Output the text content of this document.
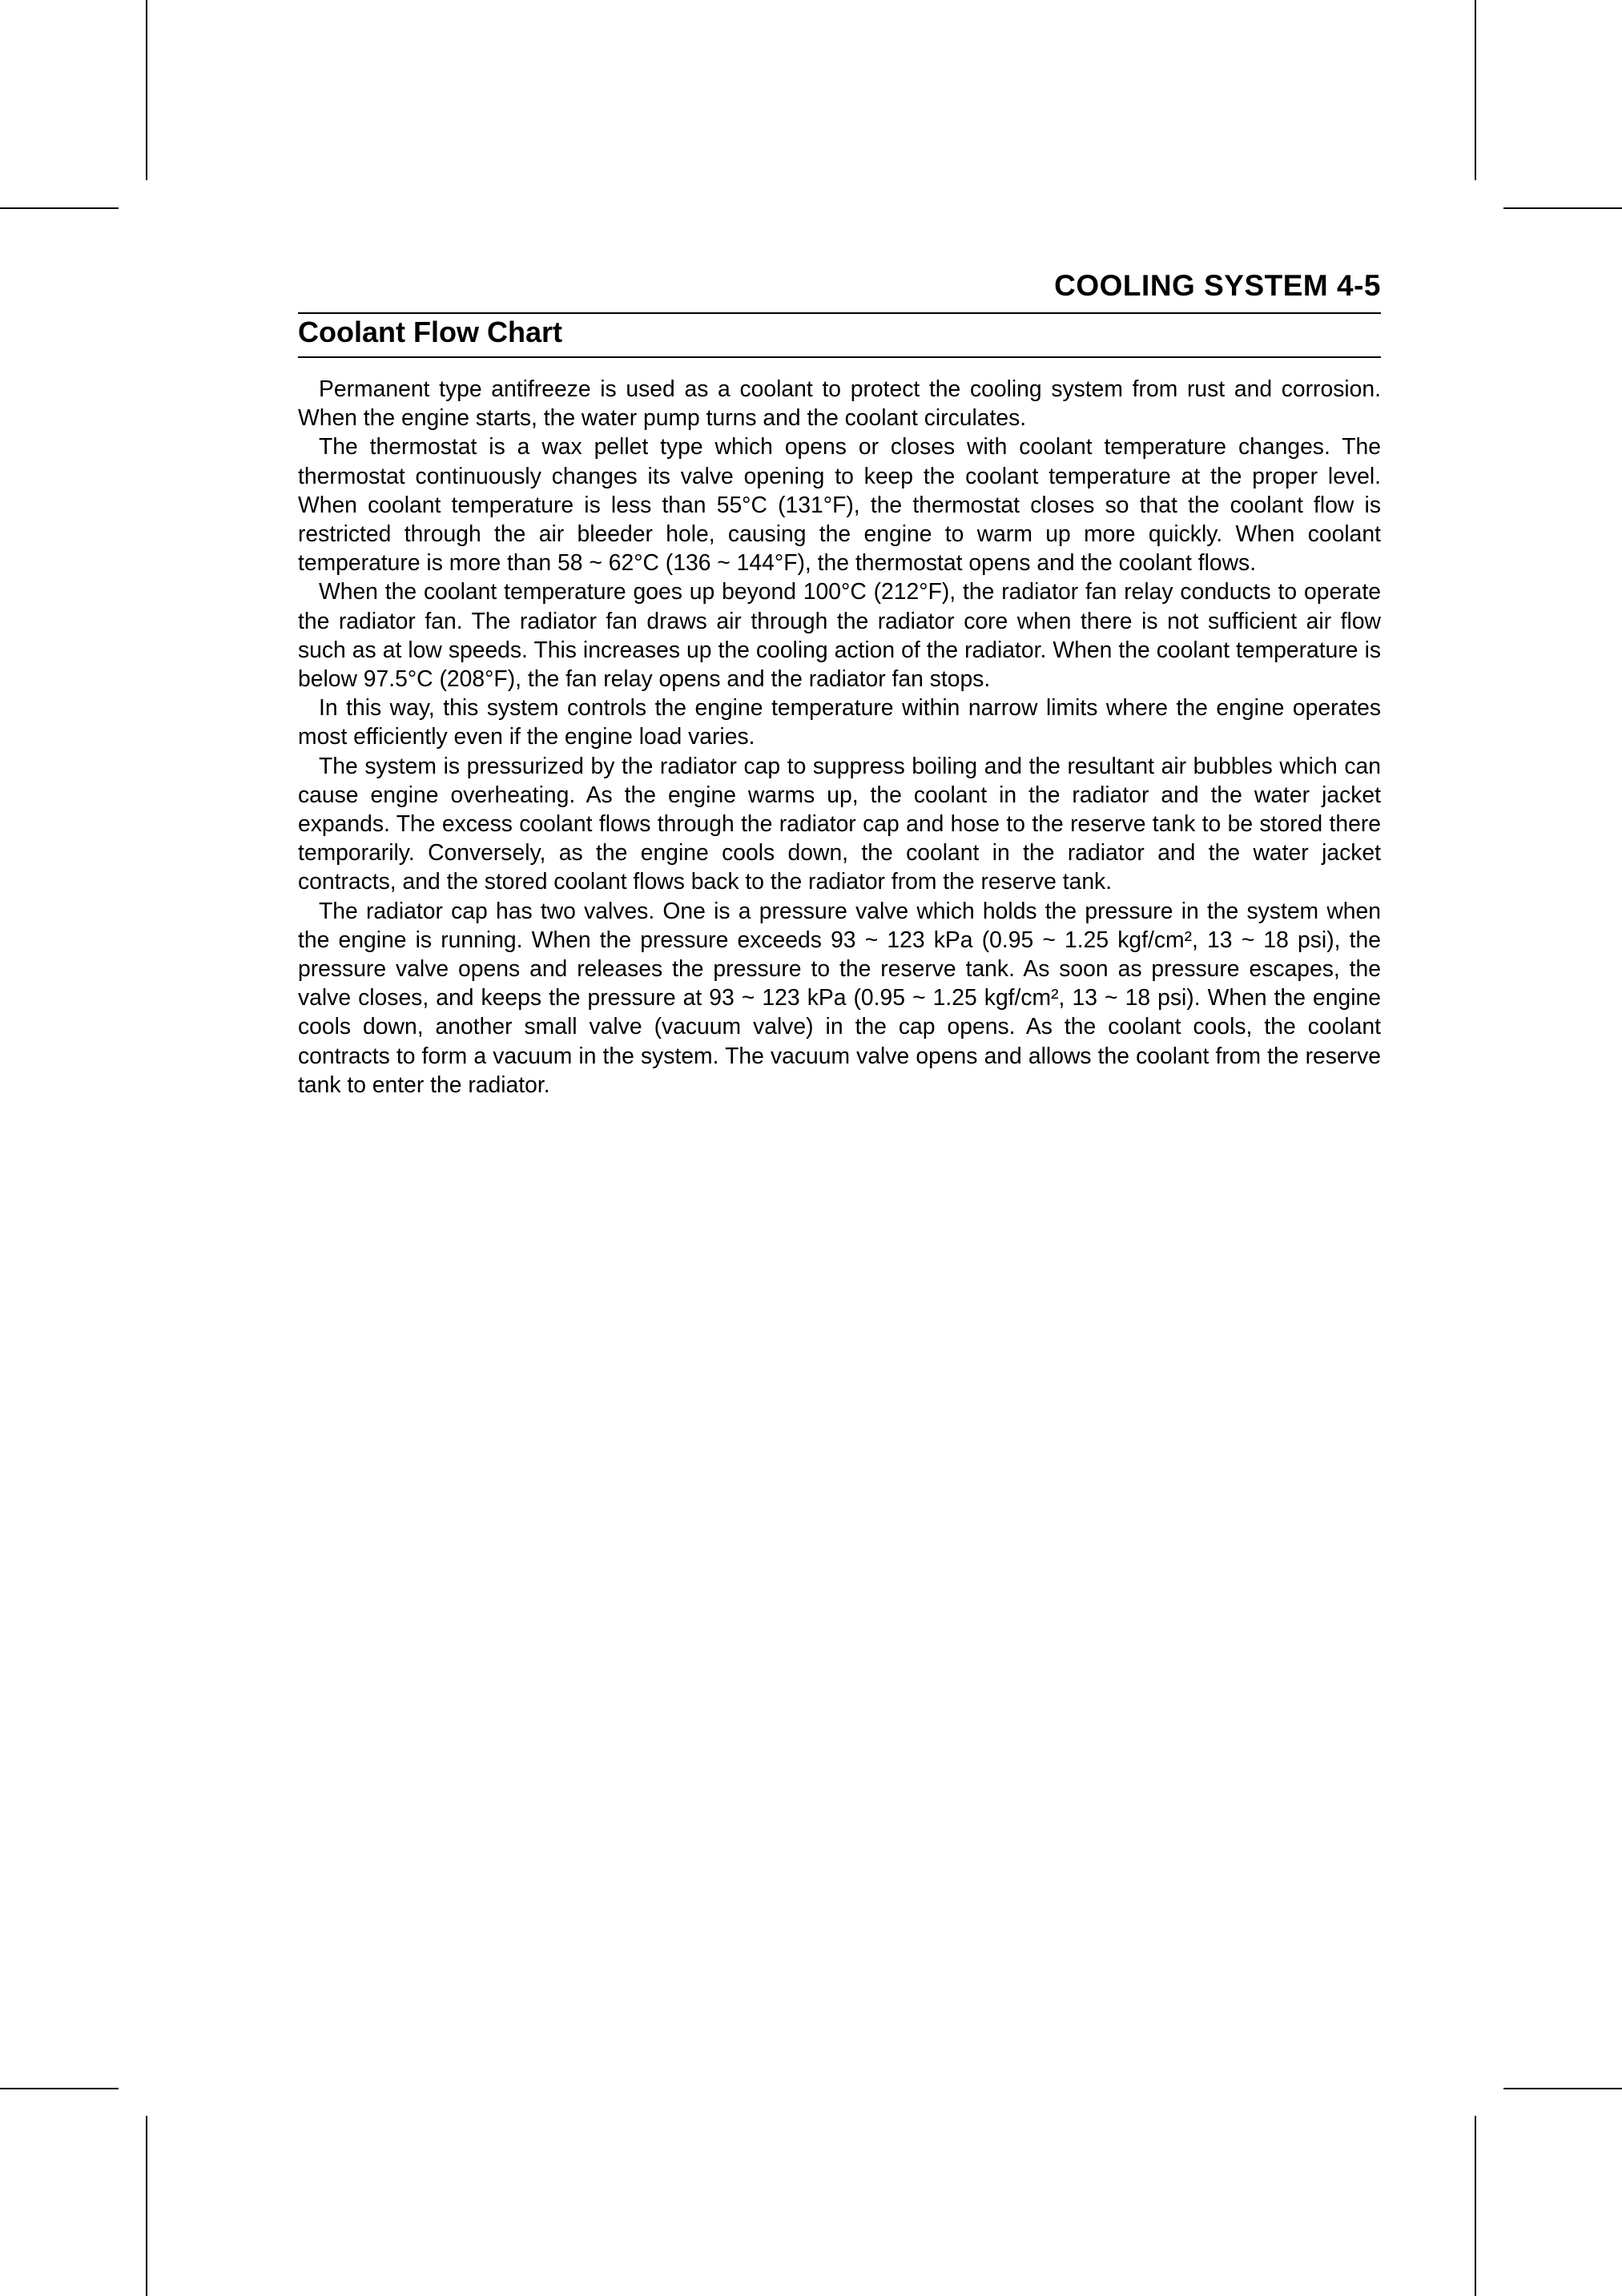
COOLING SYSTEM 4-5
Coolant Flow Chart

Permanent type antifreeze is used as a coolant to protect the cooling system from rust and corrosion. When the engine starts, the water pump turns and the coolant circulates.

The thermostat is a wax pellet type which opens or closes with coolant temperature changes. The thermostat continuously changes its valve opening to keep the coolant temperature at the proper level. When coolant temperature is less than 55°C (131°F), the thermostat closes so that the coolant flow is restricted through the air bleeder hole, causing the engine to warm up more quickly. When coolant temperature is more than 58 ~ 62°C (136 ~ 144°F), the thermostat opens and the coolant flows.

When the coolant temperature goes up beyond 100°C (212°F), the radiator fan relay conducts to operate the radiator fan. The radiator fan draws air through the radiator core when there is not sufficient air flow such as at low speeds. This increases up the cooling action of the radiator. When the coolant temperature is below 97.5°C (208°F), the fan relay opens and the radiator fan stops.

In this way, this system controls the engine temperature within narrow limits where the engine operates most efficiently even if the engine load varies.

The system is pressurized by the radiator cap to suppress boiling and the resultant air bubbles which can cause engine overheating. As the engine warms up, the coolant in the radiator and the water jacket expands. The excess coolant flows through the radiator cap and hose to the reserve tank to be stored there temporarily. Conversely, as the engine cools down, the coolant in the radiator and the water jacket contracts, and the stored coolant flows back to the radiator from the reserve tank.

The radiator cap has two valves. One is a pressure valve which holds the pressure in the system when the engine is running. When the pressure exceeds 93 ~ 123 kPa (0.95 ~ 1.25 kgf/cm², 13 ~ 18 psi), the pressure valve opens and releases the pressure to the reserve tank. As soon as pressure escapes, the valve closes, and keeps the pressure at 93 ~ 123 kPa (0.95 ~ 1.25 kgf/cm², 13 ~ 18 psi). When the engine cools down, another small valve (vacuum valve) in the cap opens. As the coolant cools, the coolant contracts to form a vacuum in the system. The vacuum valve opens and allows the coolant from the reserve tank to enter the radiator.
